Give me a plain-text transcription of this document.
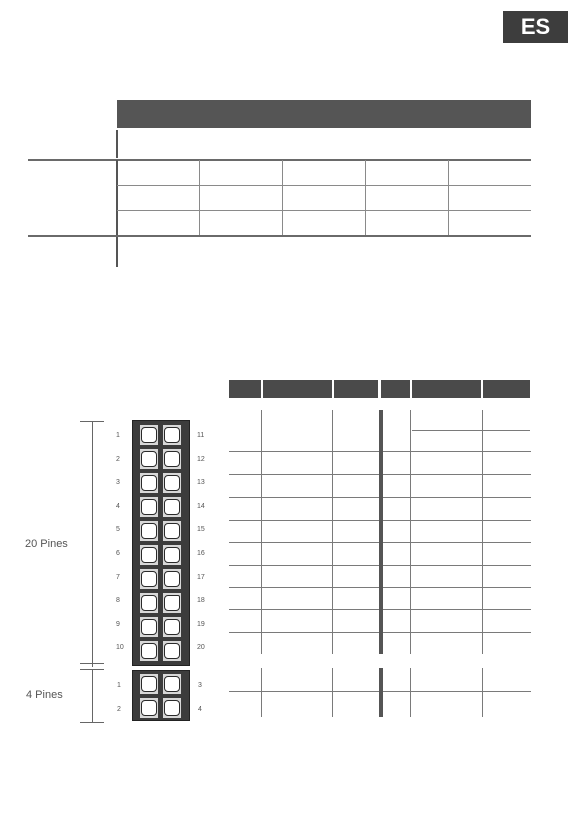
ES
20 Pines
4 Pines
1
2
3
4
5
6
7
8
9
10
11
12
13
14
15
16
17
18
19
20
1
2
3
4
